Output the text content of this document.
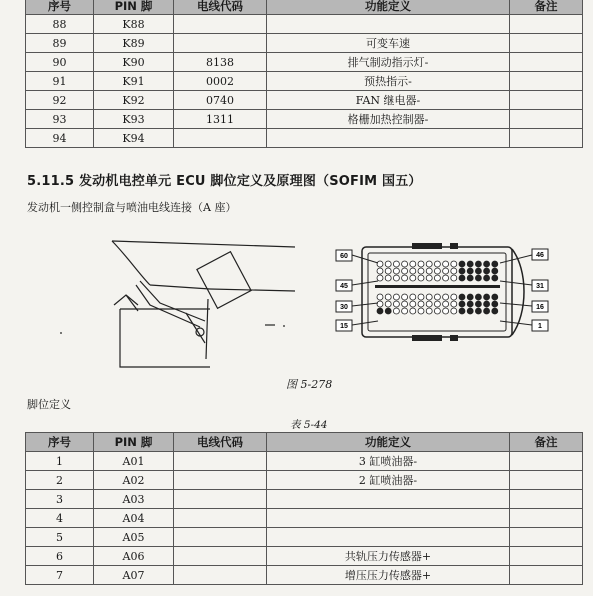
序号	PIN 脚	电线代码	功能定义	备注
88	K88			
89	K89		可变车速	
90	K90	8138	排气制动指示灯-	
91	K91	0002	预热指示-	
92	K92	0740	FAN 继电器-	
93	K93	1311	格栅加热控制器-	
94	K94			
5.11.5 发动机电控单元 ECU 脚位定义及原理图（SOFIM 国五）
发动机一侧控制盒与喷油电线连接（A 座）
60
45
30
15
46
31
16
1
图 5-278
脚位定义
表 5-44
序号	PIN 脚	电线代码	功能定义	备注
1	A01		3 缸喷油器-	
2	A02		2 缸喷油器-	
3	A03			
4	A04			
5	A05			
6	A06		共轨压力传感器+	
7	A07		增压压力传感器+	
